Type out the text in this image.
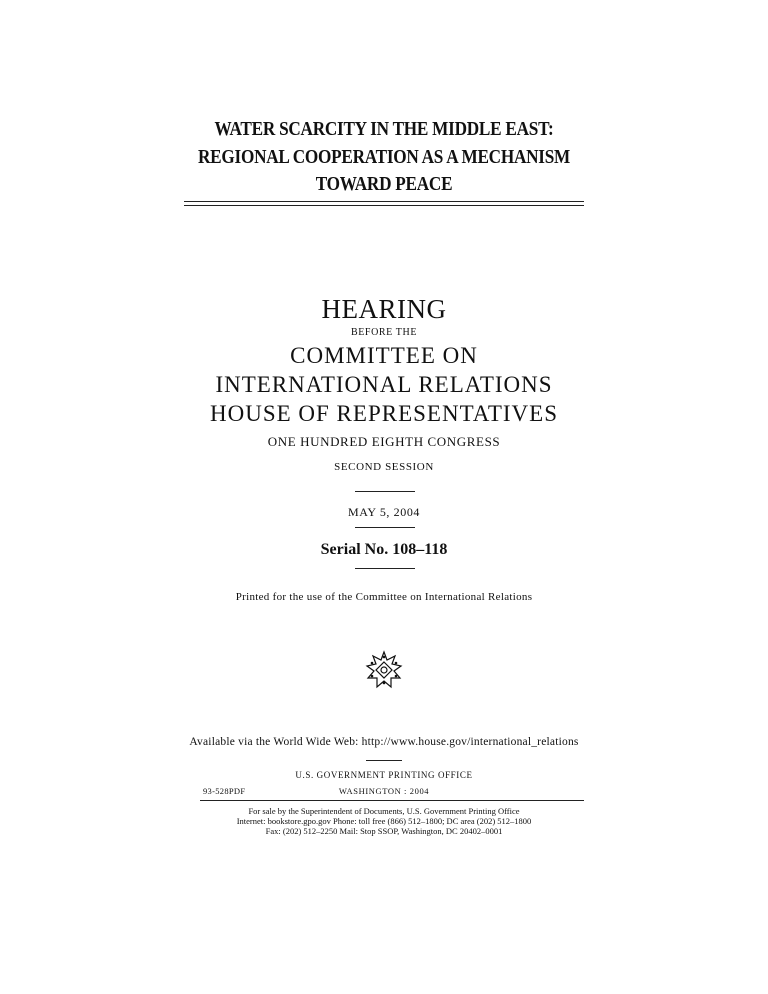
WATER SCARCITY IN THE MIDDLE EAST:
REGIONAL COOPERATION AS A MECHANISM
TOWARD PEACE
HEARING
BEFORE THE
COMMITTEE ON
INTERNATIONAL RELATIONS
HOUSE OF REPRESENTATIVES
ONE HUNDRED EIGHTH CONGRESS
SECOND SESSION
MAY 5, 2004
Serial No. 108–118
Printed for the use of the Committee on International Relations
Available via the World Wide Web: http://www.house.gov/international_relations
U.S. GOVERNMENT PRINTING OFFICE
93-528PDF	WASHINGTON : 2004
For sale by the Superintendent of Documents, U.S. Government Printing Office
Internet: bookstore.gpo.gov Phone: toll free (866) 512–1800; DC area (202) 512–1800
Fax: (202) 512–2250 Mail: Stop SSOP, Washington, DC 20402–0001
